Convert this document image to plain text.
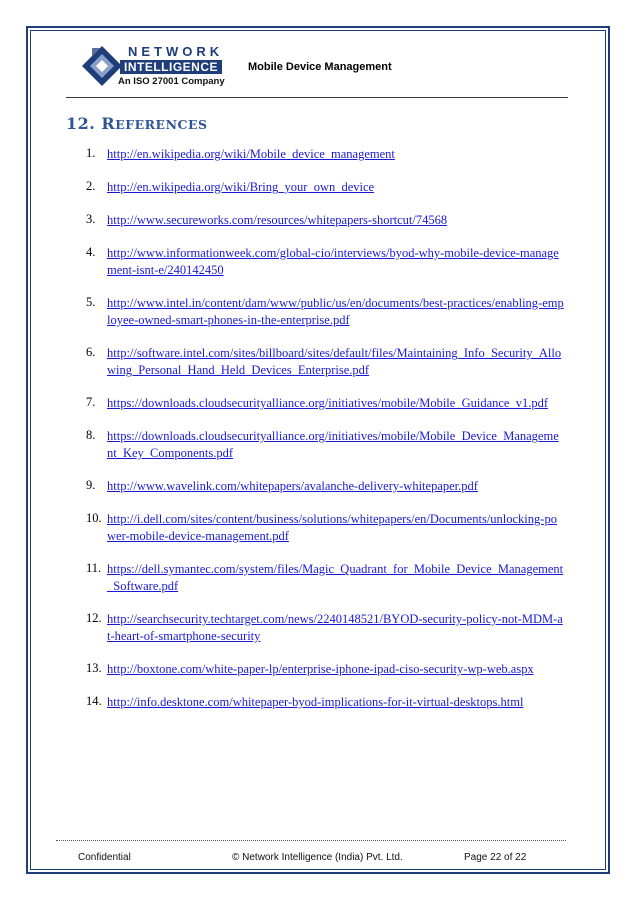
NETWORK
INTELLIGENCE
An ISO 27001 Company
Mobile Device Management
12. REFERENCES
1. http://en.wikipedia.org/wiki/Mobile_device_management
2. http://en.wikipedia.org/wiki/Bring_your_own_device
3. http://www.secureworks.com/resources/whitepapers-shortcut/74568
4. http://www.informationweek.com/global-cio/interviews/byod-why-mobile-device-management-isnt-e/240142450
5. http://www.intel.in/content/dam/www/public/us/en/documents/best-practices/enabling-employee-owned-smart-phones-in-the-enterprise.pdf
6. http://software.intel.com/sites/billboard/sites/default/files/Maintaining_Info_Security_Allowing_Personal_Hand_Held_Devices_Enterprise.pdf
7. https://downloads.cloudsecurityalliance.org/initiatives/mobile/Mobile_Guidance_v1.pdf
8. https://downloads.cloudsecurityalliance.org/initiatives/mobile/Mobile_Device_Management_Key_Components.pdf
9. http://www.wavelink.com/whitepapers/avalanche-delivery-whitepaper.pdf
10. http://i.dell.com/sites/content/business/solutions/whitepapers/en/Documents/unlocking-power-mobile-device-management.pdf
11. https://dell.symantec.com/system/files/Magic_Quadrant_for_Mobile_Device_Management_Software.pdf
12. http://searchsecurity.techtarget.com/news/2240148521/BYOD-security-policy-not-MDM-at-heart-of-smartphone-security
13. http://boxtone.com/white-paper-lp/enterprise-iphone-ipad-ciso-security-wp-web.aspx
14. http://info.desktone.com/whitepaper-byod-implications-for-it-virtual-desktops.html
Confidential	© Network Intelligence (India) Pvt. Ltd.	Page 22 of 22
